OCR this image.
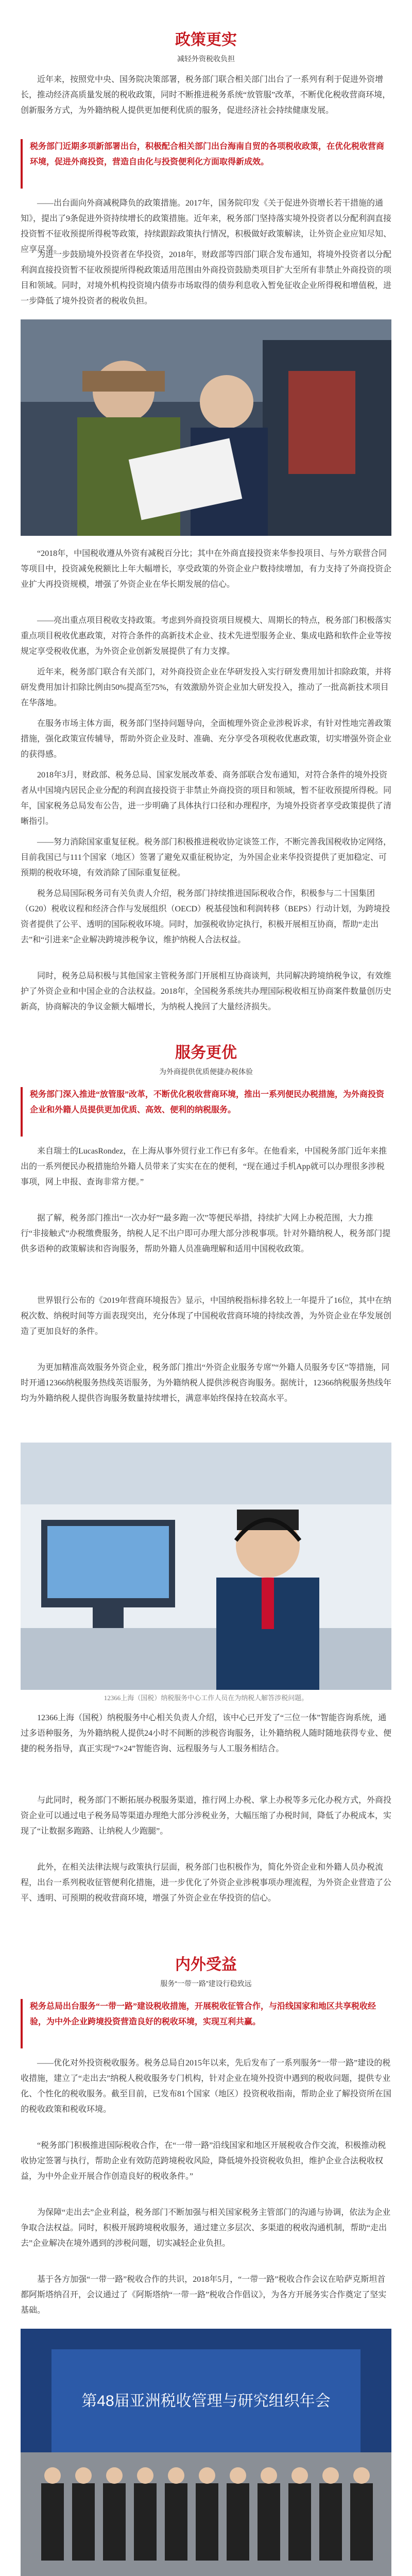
政策更实
减轻外资税收负担
近年来，按照党中央、国务院决策部署，税务部门联合相关部门出台了一系列有利于促进外资增长，推动经济高质量发展的税收政策，同时不断推进税务系统“放管服”改革，不断优化税收营商环境，创新服务方式，为外籍纳税人提供更加便利优质的服务，促进经济社会持续健康发展。
税务部门近期多项新部署出台，积极配合相关部门出台海南自贸的各项税收政策，在优化税收营商环境，促进外商投资，营造自由化与投资便利化方面取得新成效。
——出台面向外商减税降负的政策措施。2017年，国务院印发《关于促进外资增长若干措施的通知》，提出了9条促进外资持续增长的政策措施。近年来，税务部门坚持落实境外投资者以分配利润直接投资暂不征收预提所得税等政策，持续跟踪政策执行情况，积极做好政策解读，让外资企业应知尽知、应享尽享。
为进一步鼓励境外投资者在华投资，2018年，财政部等四部门联合发布通知，将境外投资者以分配利润直接投资暂不征收预提所得税政策适用范围由外商投资鼓励类项目扩大至所有非禁止外商投资的项目和领域。同时，对境外机构投资境内债券市场取得的债券利息收入暂免征收企业所得税和增值税，进一步降低了境外投资者的税收负担。
“2018年，中国税收遵从外资有减税百分比；其中在外商直接投资来华参投项目、与外方联营合同等项目中，投资减免税额比上年大幅增长，享受政策的外资企业户数持续增加，有力支持了外商投资企业扩大再投资规模，增强了外资企业在华长期发展的信心。
——亮出重点项目税收支持政策。考虑到外商投资项目规模大、周期长的特点，税务部门积极落实重点项目税收优惠政策，对符合条件的高新技术企业、技术先进型服务企业、集成电路和软件企业等按规定享受税收优惠，为外资企业创新发展提供了有力支撑。
近年来，税务部门联合有关部门，对外商投资企业在华研发投入实行研发费用加计扣除政策，并将研发费用加计扣除比例由50%提高至75%，有效激励外资企业加大研发投入，推动了一批高新技术项目在华落地。
在服务市场主体方面，税务部门坚持问题导向，全面梳理外资企业涉税诉求，有针对性地完善政策措施，强化政策宣传辅导，帮助外资企业及时、准确、充分享受各项税收优惠政策，切实增强外资企业的获得感。
2018年3月，财政部、税务总局、国家发展改革委、商务部联合发布通知，对符合条件的境外投资者从中国境内居民企业分配的利润直接投资于非禁止外商投资的项目和领域，暂不征收预提所得税。同年，国家税务总局发布公告，进一步明确了具体执行口径和办理程序，为境外投资者享受政策提供了清晰指引。
——努力消除国家重复征税。税务部门积极推进税收协定谈签工作，不断完善我国税收协定网络，目前我国已与111个国家（地区）签署了避免双重征税协定，为外国企业来华投资提供了更加稳定、可预期的税收环境，有效消除了国际重复征税。
税务总局国际税务司有关负责人介绍，税务部门持续推进国际税收合作，积极参与二十国集团（G20）税收议程和经济合作与发展组织（OECD）税基侵蚀和利润转移（BEPS）行动计划，为跨境投资者提供了公平、透明的国际税收环境。同时，加强税收协定执行，积极开展相互协商，帮助“走出去”和“引进来”企业解决跨境涉税争议，维护纳税人合法权益。
同时，税务总局积极与其他国家主管税务部门开展相互协商谈判，共同解决跨境纳税争议，有效维护了外资企业和中国企业的合法权益。2018年，全国税务系统共办理国际税收相互协商案件数量创历史新高，协商解决的争议金额大幅增长，为纳税人挽回了大量经济损失。
服务更优
为外商提供优质便捷办税体验
税务部门深入推进“放管服”改革，不断优化税收营商环境，推出一系列便民办税措施，为外商投资企业和外籍人员提供更加优质、高效、便利的纳税服务。
来自瑞士的LucasRondez，在上海从事外贸行业工作已有多年。在他看来，中国税务部门近年来推出的一系列便民办税措施给外籍人员带来了实实在在的便利，“现在通过手机App就可以办理很多涉税事项，网上申报、查询非常方便。”
据了解，税务部门推出“一次办好”“最多跑一次”等便民举措，持续扩大网上办税范围，大力推行“非接触式”办税缴费服务，纳税人足不出户即可办理大部分涉税事项。针对外籍纳税人，税务部门提供多语种的政策解读和咨询服务，帮助外籍人员准确理解和适用中国税收政策。
世界银行公布的《2019年营商环境报告》显示，中国纳税指标排名较上一年提升了16位，其中在纳税次数、纳税时间等方面表现突出，充分体现了中国税收营商环境的持续改善，为外资企业在华发展创造了更加良好的条件。
为更加精准高效服务外资企业，税务部门推出“外资企业服务专席”“外籍人员服务专区”等措施，同时开通12366纳税服务热线英语服务，为外籍纳税人提供涉税咨询服务。据统计，12366纳税服务热线年均为外籍纳税人提供咨询服务数量持续增长，满意率始终保持在较高水平。
12366上海（国税）纳税服务中心工作人员在为纳税人解答涉税问题。
12366上海（国税）纳税服务中心相关负责人介绍，该中心已开发了“三位一体”智能咨询系统，通过多语种服务，为外籍纳税人提供24小时不间断的涉税咨询服务，让外籍纳税人随时随地获得专业、便捷的税务指导，真正实现“7×24”智能咨询、远程服务与人工服务相结合。
与此同时，税务部门不断拓展办税服务渠道，推行网上办税、掌上办税等多元化办税方式，外商投资企业可以通过电子税务局等渠道办理绝大部分涉税业务，大幅压缩了办税时间，降低了办税成本，实现了“让数据多跑路、让纳税人少跑腿”。
此外，在相关法律法规与政策执行层面，税务部门也积极作为，简化外资企业和外籍人员办税流程，出台一系列税收征管便利化措施，进一步优化了外资企业涉税事项办理流程，为外资企业营造了公平、透明、可预期的税收营商环境，增强了外资企业在华投资的信心。
内外受益
服务“一带一路”建设行稳致远
税务总局出台服务“一带一路”建设税收措施，开展税收征管合作，与沿线国家和地区共享税收经验，为中外企业跨境投资营造良好的税收环境，实现互利共赢。
——优化对外投资税收服务。税务总局自2015年以来，先后发布了一系列服务“一带一路”建设的税收措施，建立了“走出去”纳税人税收服务专门机构，针对企业在境外投资中遇到的税收问题，提供专业化、个性化的税收服务。截至目前，已发布81个国家（地区）投资税收指南，帮助企业了解投资所在国的税收政策和税收环境。
“税务部门积极推进国际税收合作，在“一带一路”沿线国家和地区开展税收合作交流，积极推动税收协定签署与执行，帮助企业有效防范跨境税收风险，降低境外投资税收负担，维护企业合法税收权益，为中外企业开展合作创造良好的税收条件。”
为保障“走出去”企业利益，税务部门不断加强与相关国家税务主管部门的沟通与协调，依法为企业争取合法权益。同时，积极开展跨境税收服务，通过建立多层次、多渠道的税收沟通机制，帮助“走出去”企业解决在境外遇到的涉税问题，切实减轻企业负担。
基于各方加强“一带一路”税收合作的共识，2018年5月，“一带一路”税收合作会议在哈萨克斯坦首都阿斯塔纳召开，会议通过了《阿斯塔纳“一带一路”税收合作倡议》，为各方开展务实合作奠定了坚实基础。
第48届亚洲税收管理与研究组织年会
